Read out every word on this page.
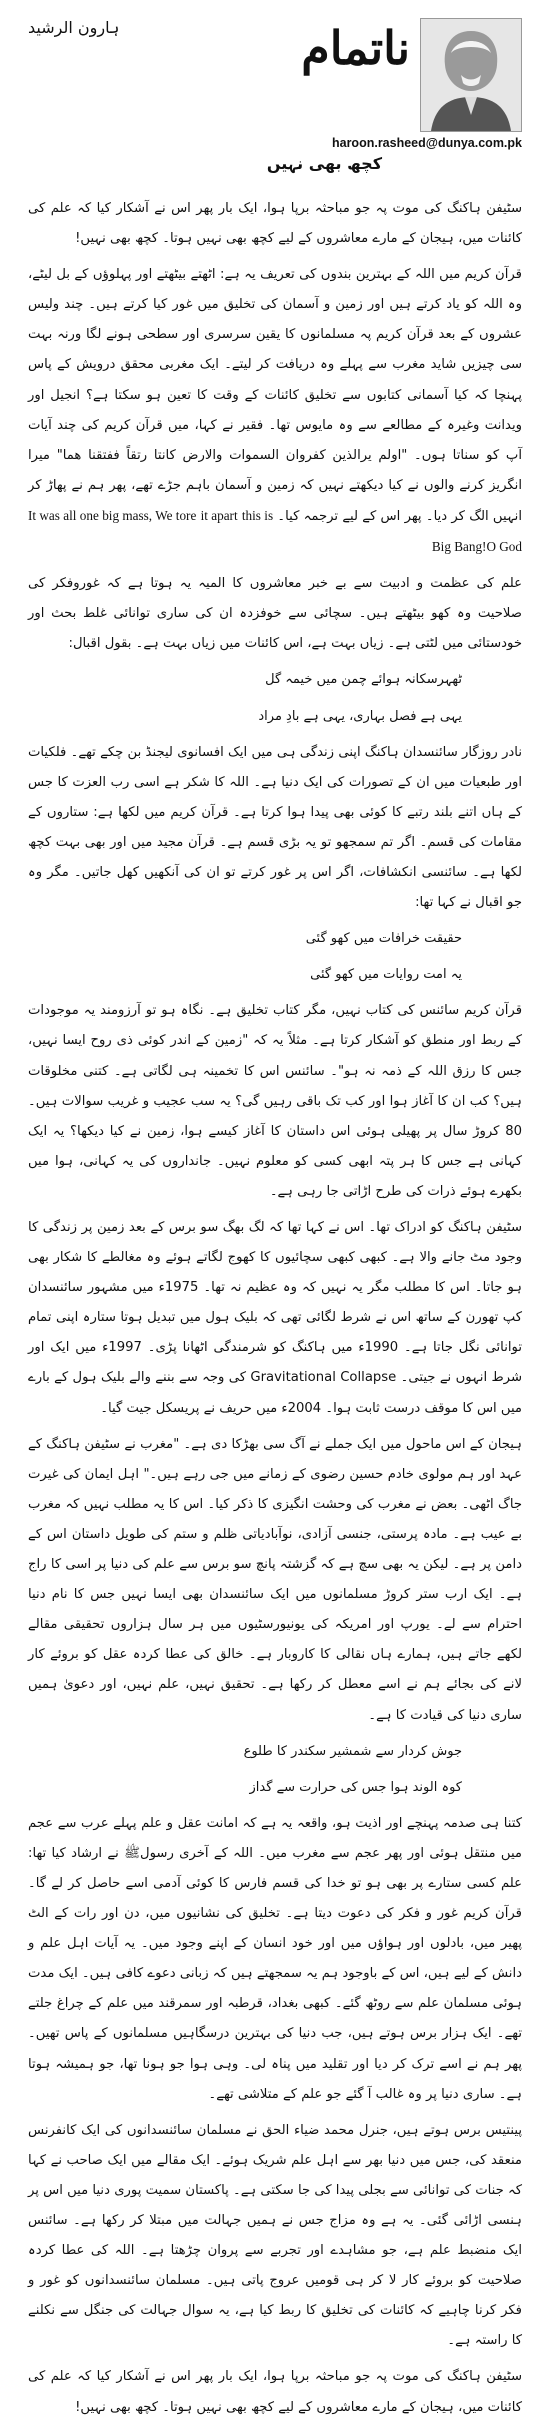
ناتمام
ہارون الرشید
haroon.rasheed@dunya.com.pk
کچھ بھی نہیں

سٹیفن ہاکنگ کی موت پہ جو مباحثہ برپا ہوا، ایک بار پھر اس نے آشکار کیا کہ علم کی کائنات میں، ہیجان کے مارے معاشروں کے لیے کچھ بھی نہیں ہوتا۔ کچھ بھی نہیں!

قرآن کریم میں اللہ کے بہترین بندوں کی تعریف یہ ہے: اٹھتے بیٹھتے اور پہلوؤں کے بل لیٹے، وہ اللہ کو یاد کرتے ہیں اور زمین و آسمان کی تخلیق میں غور کیا کرتے ہیں۔ چند ولیس عشروں کے بعد قرآن کریم پہ مسلمانوں کا یقین سرسری اور سطحی ہونے لگا ورنہ بہت سی چیزیں شاید مغرب سے پہلے وہ دریافت کر لیتے۔ ایک مغربی محقق درویش کے پاس پہنچا کہ کیا آسمانی کتابوں سے تخلیق کائنات کے وقت کا تعین ہو سکتا ہے؟ انجیل اور ویدانت وغیرہ کے مطالعے سے وہ مایوس تھا۔ فقیر نے کہا، میں قرآن کریم کی چند آیات آپ کو سناتا ہوں۔ "اولم یرالذین کفروان السموات والارض کانتا رتقاً ففتقنا ھما" میرا انگریز کرنے والوں نے کیا دیکھتے نہیں کہ زمین و آسمان باہم جڑے تھے، پھر ہم نے پھاڑ کر انہیں الگ کر دیا۔ پھر اس کے لیے ترجمہ کیا۔ It was all one big mass, We tore it apart this is Big Bang!O God

علم کی عظمت و ادبیت سے بے خبر معاشروں کا المیہ یہ ہوتا ہے کہ غوروفکر کی صلاحیت وہ کھو بیٹھتے ہیں۔ سچائی سے خوفزدہ ان کی ساری توانائی غلط بحث اور خودستائی میں لٹتی ہے۔ زیاں بہت ہے، اس کائنات میں زیاں بہت ہے۔ بقول اقبال:

ٹھہرسکانہ ہوائے چمن میں خیمہ گل
یہی ہے فصل بہاری، یہی ہے بادِ مراد

نادر روزگار سائنسدان ہاکنگ اپنی زندگی ہی میں ایک افسانوی لیجنڈ بن چکے تھے۔ فلکیات اور طبعیات میں ان کے تصورات کی ایک دنیا ہے۔ اللہ کا شکر ہے اسی رب العزت کا جس کے ہاں اتنے بلند رتبے کا کوئی بھی پیدا ہوا کرتا ہے۔ قرآن کریم میں لکھا ہے: ستاروں کے مقامات کی قسم۔ اگر تم سمجھو تو یہ بڑی قسم ہے۔ قرآن مجید میں اور بھی بہت کچھ لکھا ہے۔ سائنسی انکشافات، اگر اس پر غور کرتے تو ان کی آنکھیں کھل جاتیں۔ مگر وہ جو اقبال نے کہا تھا:

حقیقت خرافات میں کھو گئی
یہ امت روایات میں کھو گئی

قرآن کریم سائنس کی کتاب نہیں، مگر کتاب تخلیق ہے۔ نگاہ ہو تو آرزومند یہ موجودات کے ربط اور منطق کو آشکار کرتا ہے۔ مثلاً یہ کہ "زمین کے اندر کوئی ذی روح ایسا نہیں، جس کا رزق اللہ کے ذمہ نہ ہو"۔ سائنس اس کا تخمینہ ہی لگاتی ہے۔ کتنی مخلوقات ہیں؟ کب ان کا آغاز ہوا اور کب تک باقی رہیں گی؟ یہ سب عجیب و غریب سوالات ہیں۔ 80 کروڑ سال پر پھیلی ہوئی اس داستان کا آغاز کیسے ہوا، زمین نے کیا دیکھا؟ یہ ایک کہانی ہے جس کا ہر پتہ ابھی کسی کو معلوم نہیں۔ جانداروں کی یہ کہانی، ہوا میں بکھرے ہوئے ذرات کی طرح اڑاتی جا رہی ہے۔

سٹیفن ہاکنگ کو ادراک تھا۔ اس نے کہا تھا کہ لگ بھگ سو برس کے بعد زمین پر زندگی کا وجود مٹ جانے والا ہے۔ کبھی کبھی سچائیوں کا کھوج لگاتے ہوئے وہ مغالطے کا شکار بھی ہو جاتا۔ اس کا مطلب مگر یہ نہیں کہ وہ عظیم نہ تھا۔ 1975ء میں مشہور سائنسدان کپ تھورن کے ساتھ اس نے شرط لگائی تھی کہ بلیک ہول میں تبدیل ہوتا ستارہ اپنی تمام توانائی نگل جاتا ہے۔ 1990ء میں ہاکنگ کو شرمندگی اٹھانا پڑی۔ 1997ء میں ایک اور شرط انہوں نے جیتی۔ Gravitational Collapse کی وجہ سے بننے والے بلیک ہول کے بارے میں اس کا موقف درست ثابت ہوا۔ 2004ء میں حریف نے پریسکل جیت گیا۔

ہیجان کے اس ماحول میں ایک جملے نے آگ سی بھڑکا دی ہے۔ "مغرب نے سٹیفن ہاکنگ کے عہد اور ہم مولوی خادم حسین رضوی کے زمانے میں جی رہے ہیں۔" اہل ایمان کی غیرت جاگ اٹھی۔ بعض نے مغرب کی وحشت انگیزی کا ذکر کیا۔ اس کا یہ مطلب نہیں کہ مغرب بے عیب ہے۔ مادہ پرستی، جنسی آزادی، نوآبادیاتی ظلم و ستم کی طویل داستان اس کے دامن پر ہے۔ لیکن یہ بھی سچ ہے کہ گزشتہ پانچ سو برس سے علم کی دنیا پر اسی کا راج ہے۔ ایک ارب ستر کروڑ مسلمانوں میں ایک سائنسدان بھی ایسا نہیں جس کا نام دنیا احترام سے لے۔ یورپ اور امریکہ کی یونیورسٹیوں میں ہر سال ہزاروں تحقیقی مقالے لکھے جاتے ہیں، ہمارے ہاں نقالی کا کاروبار ہے۔ خالق کی عطا کردہ عقل کو بروئے کار لانے کی بجائے ہم نے اسے معطل کر رکھا ہے۔ تحقیق نہیں، علم نہیں، اور دعویٰ ہمیں ساری دنیا کی قیادت کا ہے۔

جوش کردار سے شمشیر سکندر کا طلوع
کوہ الوند ہوا جس کی حرارت سے گداز

کتنا ہی صدمہ پہنچے اور اذیت ہو، واقعہ یہ ہے کہ امانت عقل و علم پہلے عرب سے عجم میں منتقل ہوئی اور پھر عجم سے مغرب میں۔ اللہ کے آخری رسولﷺ نے ارشاد کیا تھا: علم کسی ستارے پر بھی ہو تو خدا کی قسم فارس کا کوئی آدمی اسے حاصل کر لے گا۔ قرآن کریم غور و فکر کی دعوت دیتا ہے۔ تخلیق کی نشانیوں میں، دن اور رات کے الٹ پھیر میں، بادلوں اور ہواؤں میں اور خود انسان کے اپنے وجود میں۔ یہ آیات اہل علم و دانش کے لیے ہیں، اس کے باوجود ہم یہ سمجھتے ہیں کہ زبانی دعوے کافی ہیں۔ ایک مدت ہوئی مسلمان علم سے روٹھ گئے۔ کبھی بغداد، قرطبہ اور سمرقند میں علم کے چراغ جلتے تھے۔ ایک ہزار برس ہوتے ہیں، جب دنیا کی بہترین درسگاہیں مسلمانوں کے پاس تھیں۔ پھر ہم نے اسے ترک کر دیا اور تقلید میں پناہ لی۔ وہی ہوا جو ہونا تھا، جو ہمیشہ ہوتا ہے۔ ساری دنیا پر وہ غالب آ گئے جو علم کے متلاشی تھے۔

پینتیس برس ہوتے ہیں، جنرل محمد ضیاء الحق نے مسلمان سائنسدانوں کی ایک کانفرنس منعقد کی، جس میں دنیا بھر سے اہل علم شریک ہوئے۔ ایک مقالے میں ایک صاحب نے کہا کہ جنات کی توانائی سے بجلی پیدا کی جا سکتی ہے۔ پاکستان سمیت پوری دنیا میں اس پر ہنسی اڑائی گئی۔ یہ ہے وہ مزاج جس نے ہمیں جہالت میں مبتلا کر رکھا ہے۔ سائنس ایک منضبط علم ہے، جو مشاہدے اور تجربے سے پروان چڑھتا ہے۔ اللہ کی عطا کردہ صلاحیت کو بروئے کار لا کر ہی قومیں عروج پاتی ہیں۔ مسلمان سائنسدانوں کو غور و فکر کرنا چاہیے کہ کائنات کی تخلیق کا ربط کیا ہے، یہ سوال جہالت کی جنگل سے نکلنے کا راستہ ہے۔

سٹیفن ہاکنگ کی موت پہ جو مباحثہ برپا ہوا، ایک بار پھر اس نے آشکار کیا کہ علم کی کائنات میں، ہیجان کے مارے معاشروں کے لیے کچھ بھی نہیں ہوتا۔ کچھ بھی نہیں!
